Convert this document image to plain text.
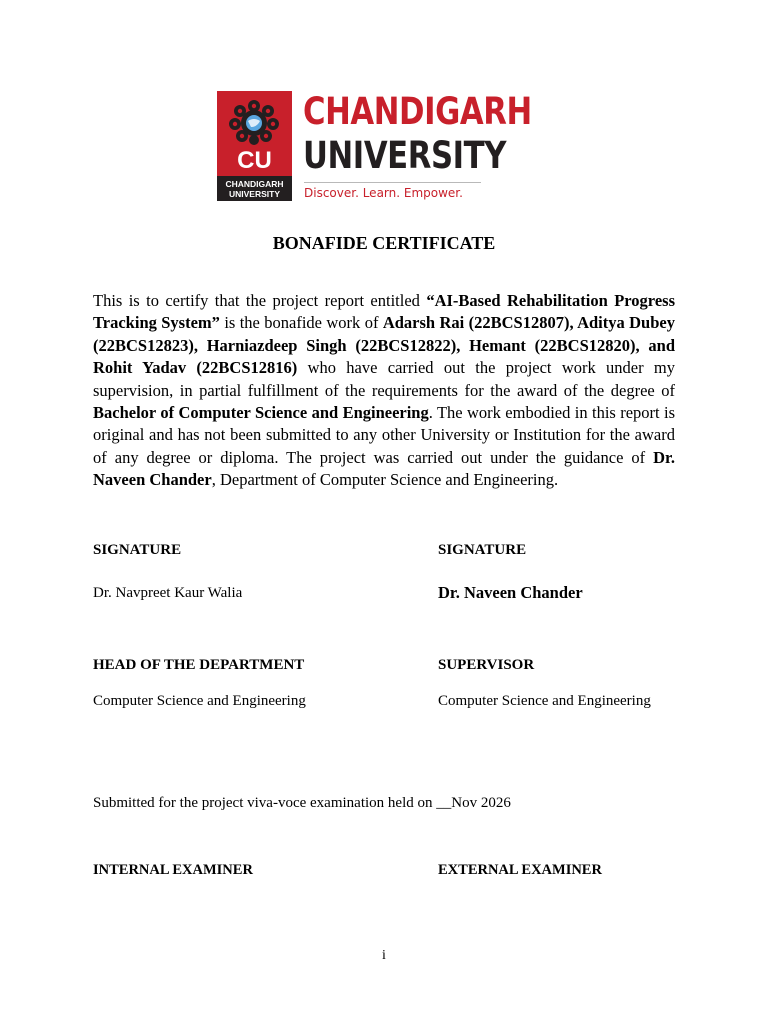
CU
CHANDIGARH
UNIVERSITY
CHANDIGARH
UNIVERSITY
Discover. Learn. Empower.
BONAFIDE CERTIFICATE

This is to certify that the project report entitled “AI-Based Rehabilitation Progress Tracking System” is the bonafide work of Adarsh Rai (22BCS12807), Aditya Dubey (22BCS12823), Harniazdeep Singh (22BCS12822), Hemant (22BCS12820), and Rohit Yadav (22BCS12816) who have carried out the project work under my supervision, in partial fulfillment of the requirements for the award of the degree of Bachelor of Computer Science and Engineering. The work embodied in this report is original and has not been submitted to any other University or Institution for the award of any degree or diploma. The project was carried out under the guidance of Dr. Naveen Chander, Department of Computer Science and Engineering.

SIGNATURE	SIGNATURE
Dr. Navpreet Kaur Walia	Dr. Naveen Chander
HEAD OF THE DEPARTMENT	SUPERVISOR
Computer Science and Engineering	Computer Science and Engineering
Submitted for the project viva-voce examination held on __Nov 2026
INTERNAL EXAMINER	EXTERNAL EXAMINER
i
